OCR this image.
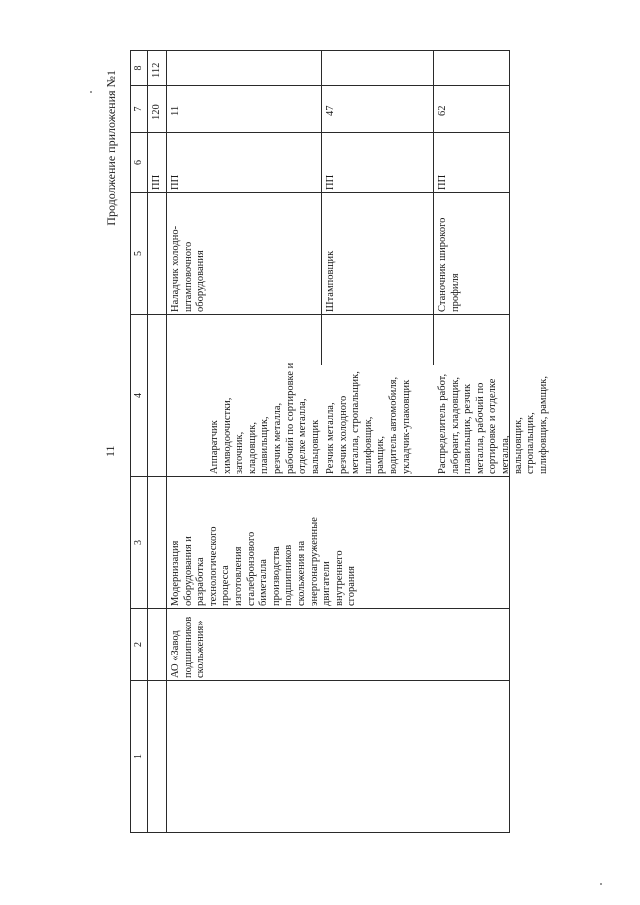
11
Продолжение приложения №1
1
2
3
4
5
6
7
8
ПП
120
112
АО «Завод подшипников скольжения»
Модернизация оборудования и разработка технологического процесса изготовления сталебронзового биметалла производства подшипников скольжения на энергонагруженные двигатели внутреннего сгорания
Аппаратчик химводоочистки, заточник, кладовщик, плавильщик, резчик металла, рабочий по сортировке и отделке металла, вальцовщик
Наладчик холодно- штамповочного оборудования
ПП
11
Резчик металла, резчик холодного металла, стропальщик, шлифовщик, рамщик, водитель автомобиля, укладчик-упаковщик
Штамповщик
ПП
47
Распределитель работ, лаборант, кладовщик, плавильщик, резчик металла, рабочий по сортировке и отделке металла, вальцовщик, стропальщик, шлифовщик, рамщик,
Станочник широкого профиля
ПП
62
